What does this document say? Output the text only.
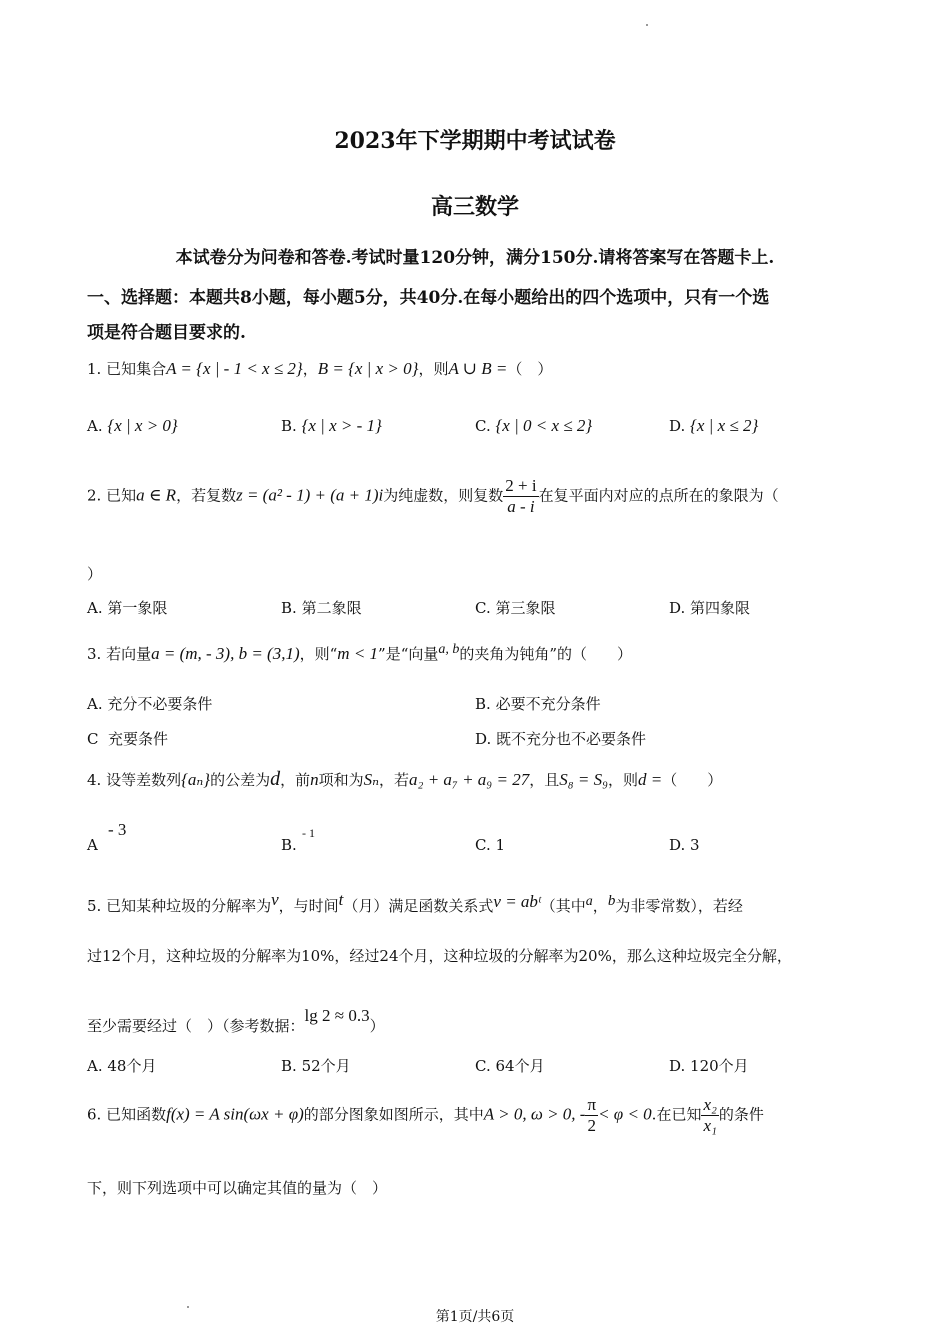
2023年下学期期中考试试卷
高三数学
本试卷分为问卷和答卷.考试时量120分钟，满分150分.请将答案写在答题卡上.
一、选择题：本题共8小题，每小题5分，共40分.在每小题给出的四个选项中，只有一个选
项是符合题目要求的.
1. 已知集合A = {x | - 1 < x ≤ 2}，B = {x | x > 0}，则A ∪ B =（　）
A. {x | x > 0}	B. {x | x > - 1}	C. {x | 0 < x ≤ 2}	D. {x | x ≤ 2}
2. 已知a ∈ R，若复数z = (a² - 1) + (a + 1)i为纯虚数，则复数 $\frac{2 + i}{a - i}$ 在复平面内对应的点所在的象限为（
）
A. 第一象限	B. 第二象限	C. 第三象限	D. 第四象限
3. 若向量a = (m, - 3), b = (3,1)，则“m < 1”是“向量a, b的夹角为钝角”的（　　）
A. 充分不必要条件	B. 必要不充分条件
C 充要条件	D. 既不充分也不必要条件
4. 设等差数列{aₙ}的公差为d，前n项和为Sₙ，若a₂ + a₇ + a₉ = 27，且S₈ = S₉，则d =（　　）
A
- 3
B.
- 1
C. 1	D. 3
5. 已知某种垃圾的分解率为v，与时间t（月）满足函数关系式v = abᵗ（其中a，b为非零常数），若经
过12个月，这种垃圾的分解率为10%，经过24个月，这种垃圾的分解率为20%，那么这种垃圾完全分解，
至少需要经过（　）（参考数据：lg 2 ≈ 0.3）
A. 48个月	B. 52个月	C. 64个月	D. 120个月
6. 已知函数f(x) = A sin(ωx + φ)的部分图象如图所示，其中A > 0, ω > 0, - $\frac{\pi}{2} < \varphi < 0$.在已知 $\frac{\text{x₂}}{\text{x₁}}$ 的条件
下，则下列选项中可以确定其值的量为（　）
第1页/共6页
